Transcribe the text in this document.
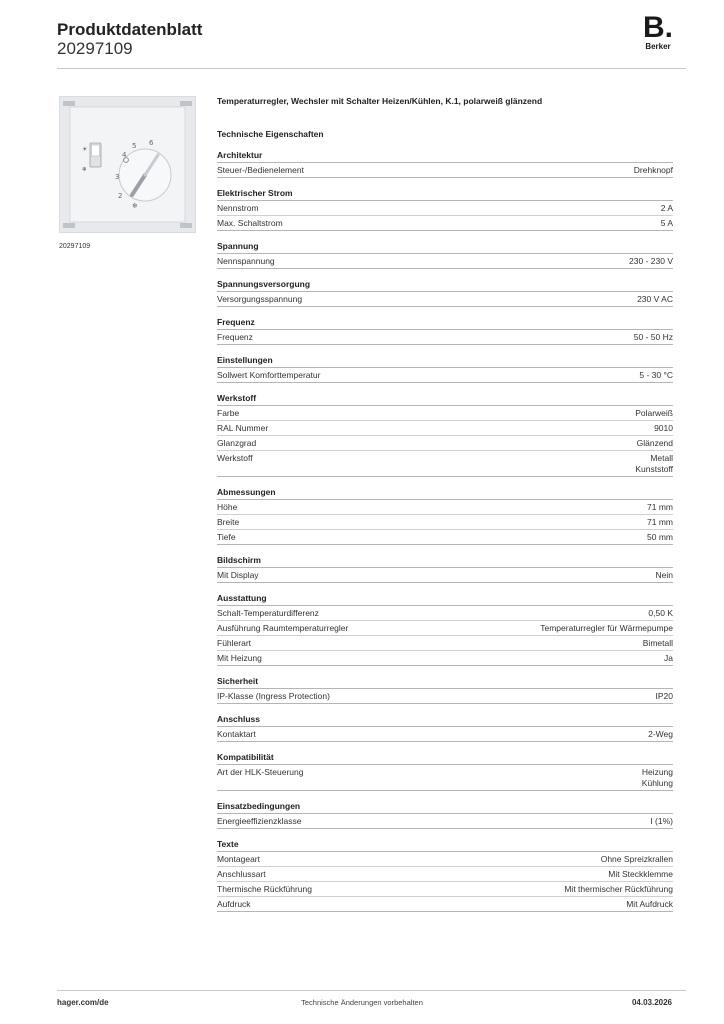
Produktdatenblatt
20297109
B.
Berker
☀
❄
2
3
4
5 6
❄
20297109
Temperaturregler, Wechsler mit Schalter Heizen/Kühlen, K.1, polarweiß glänzend
Technische Eigenschaften
Architektur
Steuer-/Bedienelement	Drehknopf
Elektrischer Strom
Nennstrom	2 A
Max. Schaltstrom	5 A
Spannung
Nennspannung	230 - 230 V
Spannungsversorgung
Versorgungsspannung	230 V AC
Frequenz
Frequenz	50 - 50 Hz
Einstellungen
Sollwert Komforttemperatur	5 - 30 °C
Werkstoff
Farbe	Polarweiß
RAL Nummer	9010
Glanzgrad	Glänzend
Werkstoff	Metall
Kunststoff
Abmessungen
Höhe	71 mm
Breite	71 mm
Tiefe	50 mm
Bildschirm
Mit Display	Nein
Ausstattung
Schalt-Temperaturdifferenz	0,50 K
Ausführung Raumtemperaturregler	Temperaturregler für Wärmepumpe
Fühlerart	Bimetall
Mit Heizung	Ja
Sicherheit
IP-Klasse (Ingress Protection)	IP20
Anschluss
Kontaktart	2-Weg
Kompatibilität
Art der HLK-Steuerung	Heizung
Kühlung
Einsatzbedingungen
Energieeffizienzklasse	I (1%)
Texte
Montageart	Ohne Spreizkrallen
Anschlussart	Mit Steckklemme
Thermische Rückführung	Mit thermischer Rückführung
Aufdruck	Mit Aufdruck
hager.com/de	Technische Änderungen vorbehalten	04.03.2026
